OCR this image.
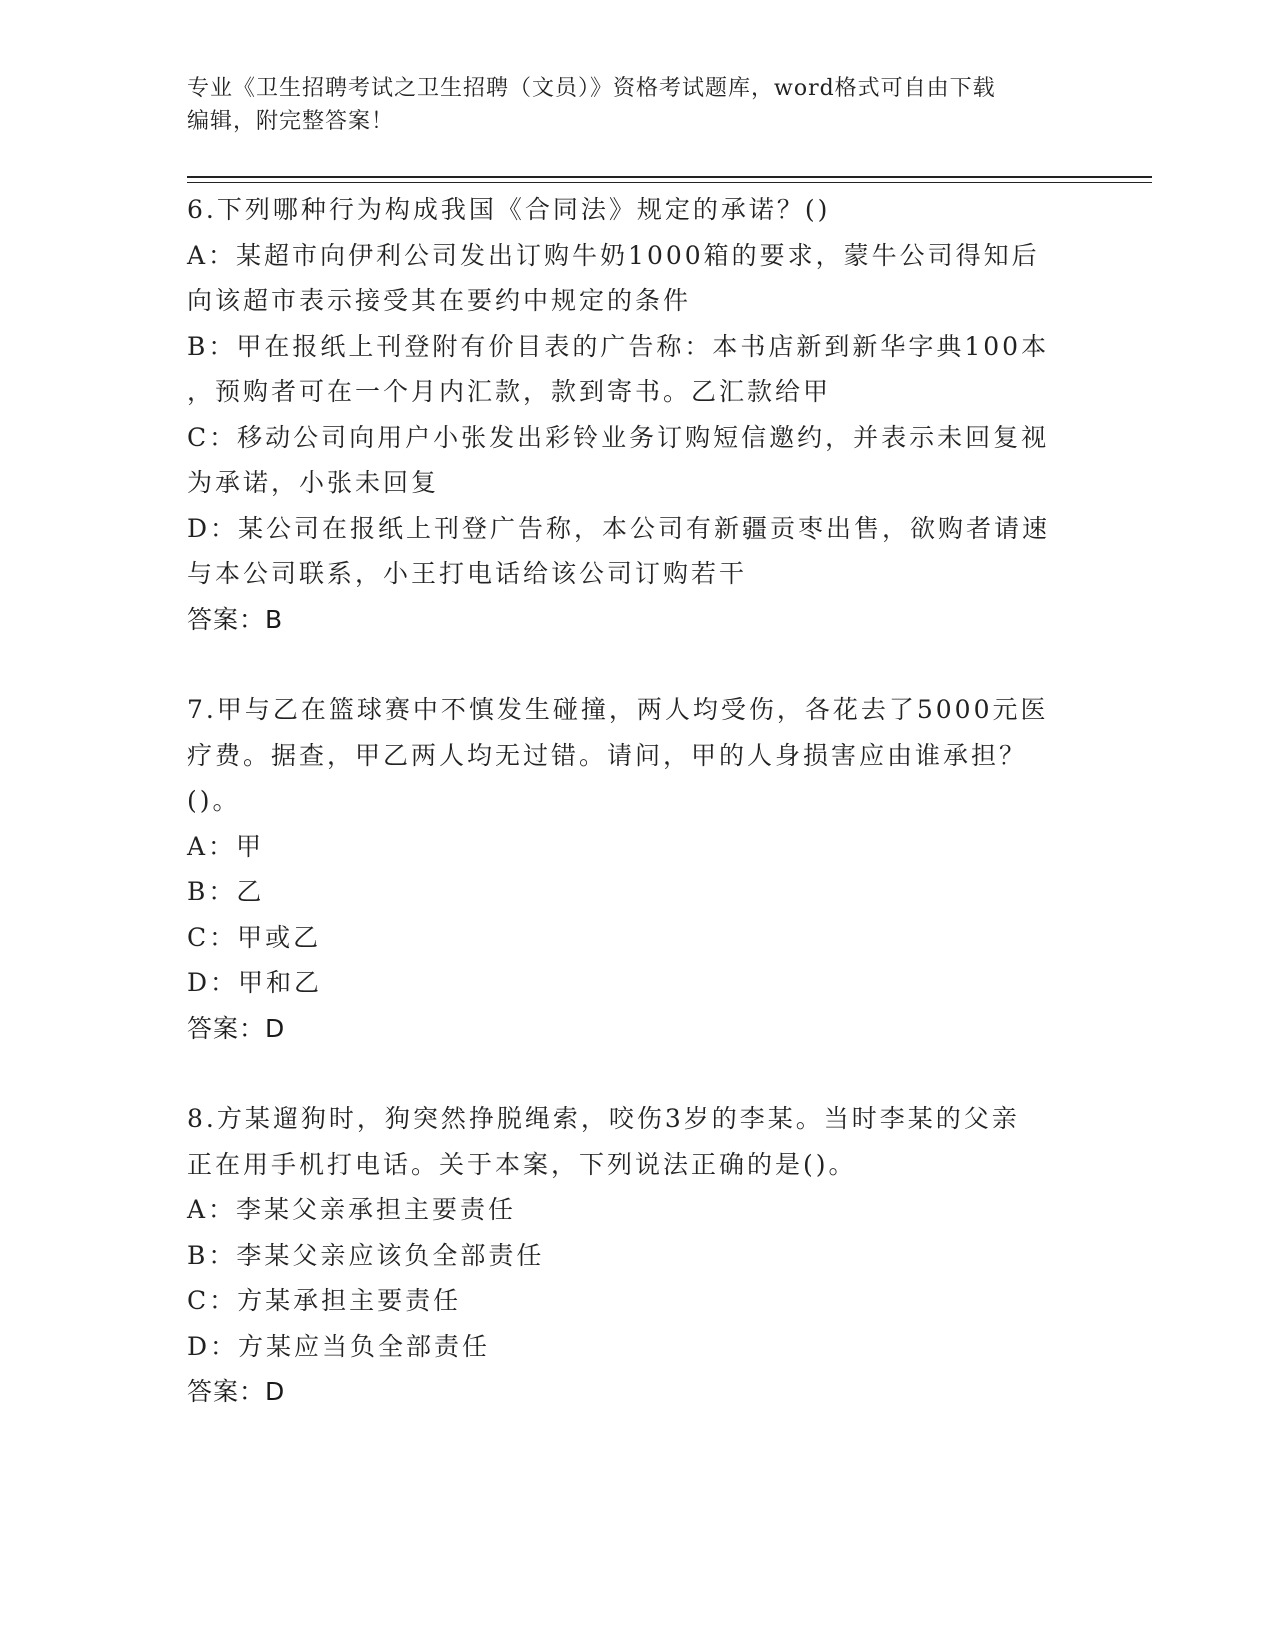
专业《卫生招聘考试之卫生招聘（文员）》资格考试题库，word格式可自由下载
编辑，附完整答案！
6.下列哪种行为构成我国《合同法》规定的承诺？()
A：某超市向伊利公司发出订购牛奶1000箱的要求，蒙牛公司得知后
向该超市表示接受其在要约中规定的条件
B：甲在报纸上刊登附有价目表的广告称：本书店新到新华字典100本
，预购者可在一个月内汇款，款到寄书。乙汇款给甲
C：移动公司向用户小张发出彩铃业务订购短信邀约，并表示未回复视
为承诺，小张未回复
D：某公司在报纸上刊登广告称，本公司有新疆贡枣出售，欲购者请速
与本公司联系，小王打电话给该公司订购若干
答案：B
7.甲与乙在篮球赛中不慎发生碰撞，两人均受伤，各花去了5000元医
疗费。据查，甲乙两人均无过错。请问，甲的人身损害应由谁承担？
()。
A：甲
B：乙
C：甲或乙
D：甲和乙
答案：D
8.方某遛狗时，狗突然挣脱绳索，咬伤3岁的李某。当时李某的父亲
正在用手机打电话。关于本案，下列说法正确的是()。
A：李某父亲承担主要责任
B：李某父亲应该负全部责任
C：方某承担主要责任
D：方某应当负全部责任
答案：D
